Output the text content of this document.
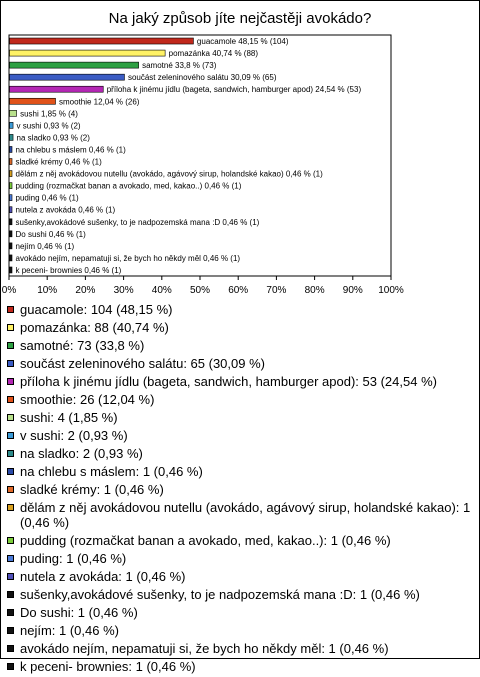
Na jaký způsob jíte nejčastěji avokádo?
guacamole 48,15 % (104)
pomazánka 40,74 % (88)
samotné 33,8 % (73)
součást zeleninového salátu 30,09 % (65)
příloha k jinému jídlu (bageta, sandwich, hamburger apod) 24,54 % (53)
smoothie 12,04 % (26)
sushi 1,85 % (4)
v sushi 0,93 % (2)
na sladko 0,93 % (2)
na chlebu s máslem 0,46 % (1)
sladké krémy 0,46 % (1)
dělám z něj avokádovou nutellu (avokádo, agávový sirup, holandské kakao) 0,46 % (1)
pudding (rozmačkat banan a avokado, med, kakao..) 0,46 % (1)
puding 0,46 % (1)
nutela z avokáda 0,46 % (1)
sušenky,avokádové sušenky, to je nadpozemská mana :D 0,46 % (1)
Do sushi 0,46 % (1)
nejím 0,46 % (1)
avokádo nejím, nepamatuji si, že bych ho někdy měl 0,46 % (1)
k peceni- brownies 0,46 % (1)
0% 10% 20% 30% 40% 50% 60% 70% 80% 90% 100%
guacamole: 104 (48,15 %)
pomazánka: 88 (40,74 %)
samotné: 73 (33,8 %)
součást zeleninového salátu: 65 (30,09 %)
příloha k jinému jídlu (bageta, sandwich, hamburger apod): 53 (24,54 %)
smoothie: 26 (12,04 %)
sushi: 4 (1,85 %)
v sushi: 2 (0,93 %)
na sladko: 2 (0,93 %)
na chlebu s máslem: 1 (0,46 %)
sladké krémy: 1 (0,46 %)
dělám z něj avokádovou nutellu (avokádo, agávový sirup, holandské kakao): 1 (0,46 %)
pudding (rozmačkat banan a avokado, med, kakao..): 1 (0,46 %)
puding: 1 (0,46 %)
nutela z avokáda: 1 (0,46 %)
sušenky,avokádové sušenky, to je nadpozemská mana :D: 1 (0,46 %)
Do sushi: 1 (0,46 %)
nejím: 1 (0,46 %)
avokádo nejím, nepamatuji si, že bych ho někdy měl: 1 (0,46 %)
k peceni- brownies: 1 (0,46 %)
